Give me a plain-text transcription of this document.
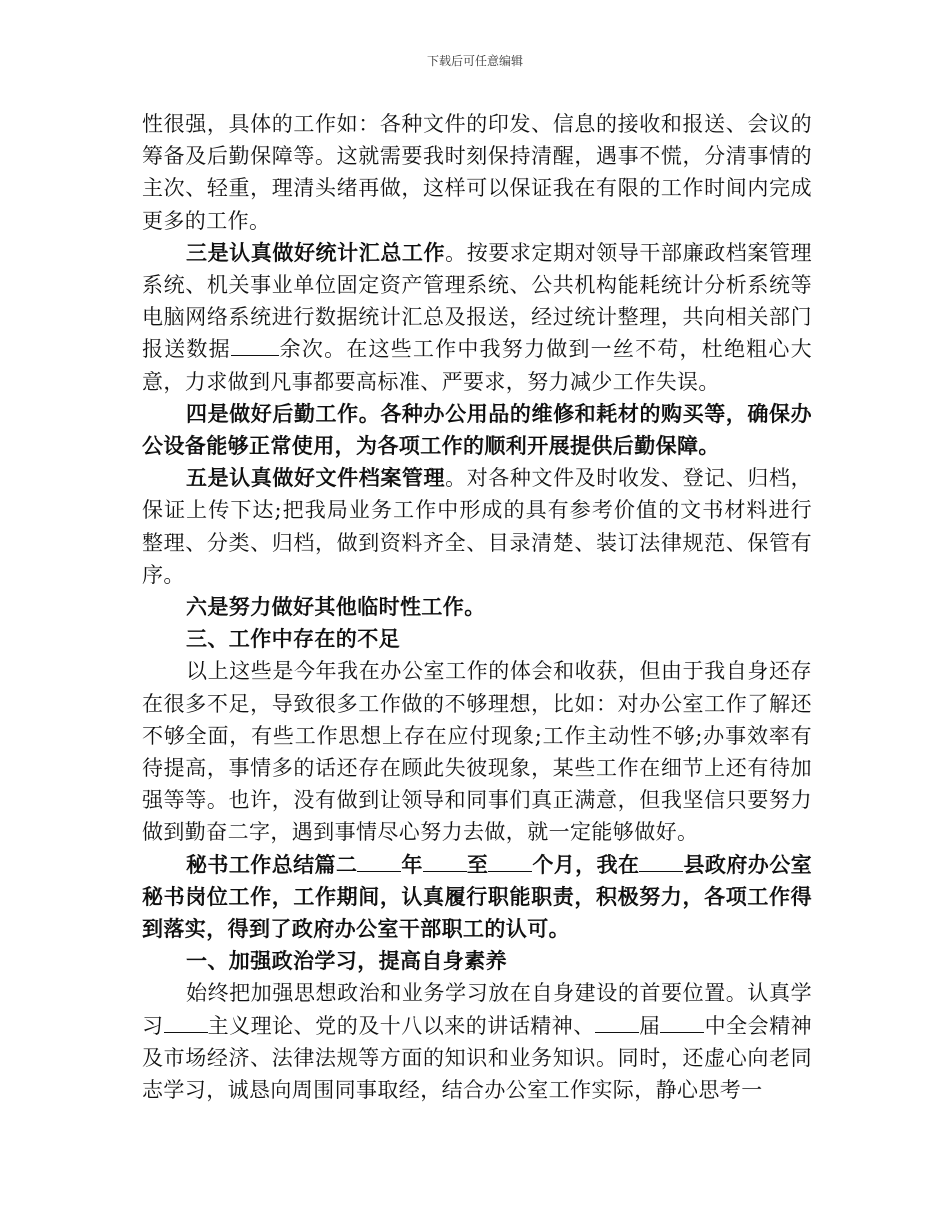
下载后可任意编辑

性很强，具体的工作如：各种文件的印发、信息的接收和报送、会议的筹备及后勤保障等。这就需要我时刻保持清醒，遇事不慌，分清事情的主次、轻重，理清头绪再做，这样可以保证我在有限的工作时间内完成更多的工作。

三是认真做好统计汇总工作。按要求定期对领导干部廉政档案管理系统、机关事业单位固定资产管理系统、公共机构能耗统计分析系统等电脑网络系统进行数据统计汇总及报送，经过统计整理，共向相关部门报送数据 余次。在这些工作中我努力做到一丝不苟，杜绝粗心大意，力求做到凡事都要高标准、严要求，努力减少工作失误。

四是做好后勤工作。各种办公用品的维修和耗材的购买等，确保办公设备能够正常使用，为各项工作的顺利开展提供后勤保障。

五是认真做好文件档案管理。对各种文件及时收发、登记、归档，保证上传下达;把我局业务工作中形成的具有参考价值的文书材料进行整理、分类、归档，做到资料齐全、目录清楚、装订法律规范、保管有序。

六是努力做好其他临时性工作。

三、工作中存在的不足

以上这些是今年我在办公室工作的体会和收获，但由于我自身还存在很多不足，导致很多工作做的不够理想，比如：对办公室工作了解还不够全面，有些工作思想上存在应付现象;工作主动性不够;办事效率有待提高，事情多的话还存在顾此失彼现象，某些工作在细节上还有待加强等等。也许，没有做到让领导和同事们真正满意，但我坚信只要努力做到勤奋二字，遇到事情尽心努力去做，就一定能够做好。

秘书工作总结篇二 年 至 个月，我在 县政府办公室秘书岗位工作，工作期间，认真履行职能职责，积极努力，各项工作得到落实，得到了政府办公室干部职工的认可。

一、加强政治学习，提高自身素养

始终把加强思想政治和业务学习放在自身建设的首要位置。认真学习 主义理论、党的及十八以来的讲话精神、 届 中全会精神及市场经济、法律法规等方面的知识和业务知识。同时，还虚心向老同志学习，诚恳向周围同事取经，结合办公室工作实际，静心思考一
